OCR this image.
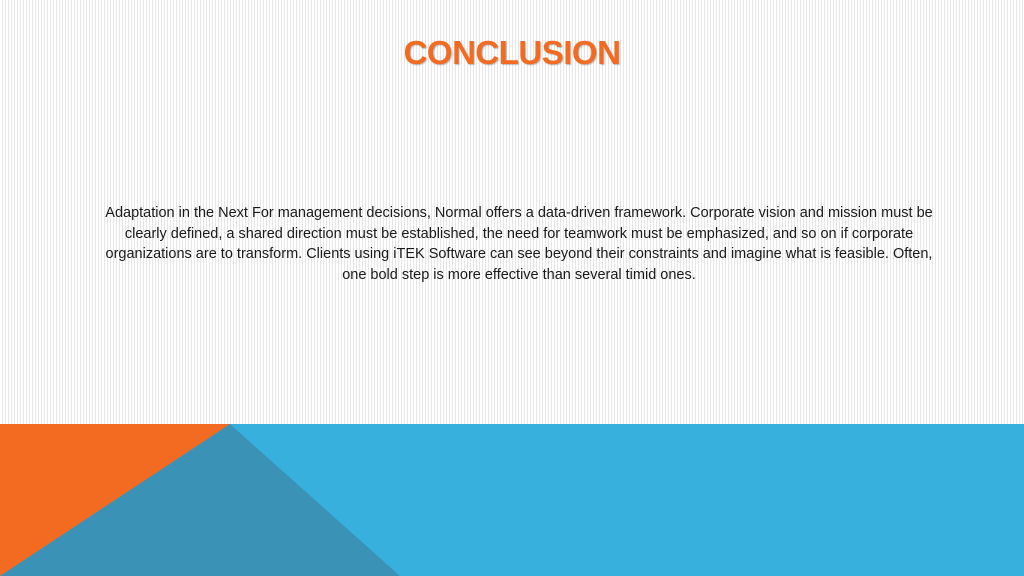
CONCLUSION
Adaptation in the Next For management decisions, Normal offers a data-driven framework. Corporate vision and mission must be clearly defined, a shared direction must be established, the need for teamwork must be emphasized, and so on if corporate organizations are to transform. Clients using iTEK Software can see beyond their constraints and imagine what is feasible. Often, one bold step is more effective than several timid ones.
